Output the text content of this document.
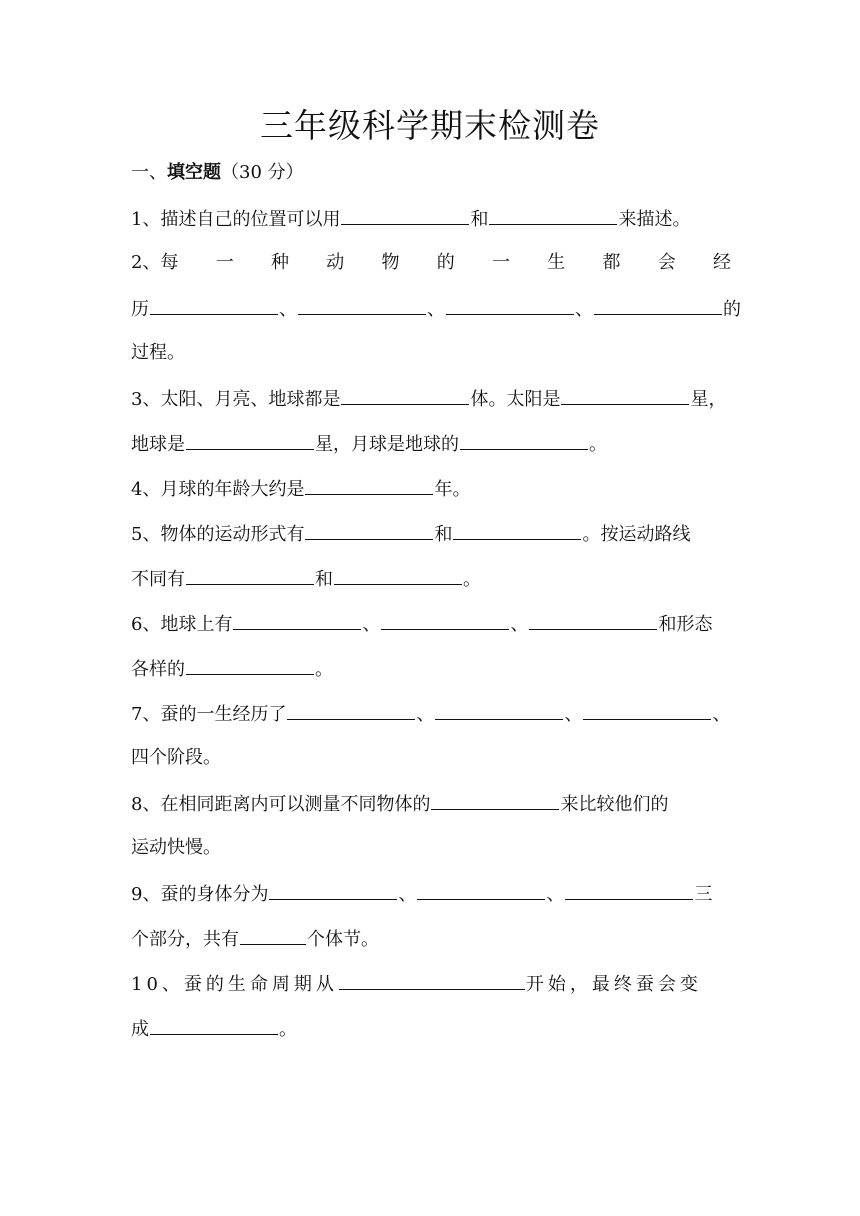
三年级科学期末检测卷
一、填空题（30 分）
1、描述自己的位置可以用	和	来描述。
2、每 一 种 动 物 的 一 生 都 会 经
历	、	、	、	的
过程。
3、太阳、月亮、地球都是	体。太阳是	星，
地球是	星，月球是地球的	。
4、月球的年龄大约是	年。
5、物体的运动形式有	和	。按运动路线
不同有	和	。
6、地球上有	、	、	和形态
各样的	。
7、蚕的一生经历了	、	、	、
四个阶段。
8、在相同距离内可以测量不同物体的	来比较他们的
运动快慢。
9、蚕的身体分为	、	、	三
个部分，共有	个体节。
10、蚕的生命周期从	开始，最终蚕会变
成	。
